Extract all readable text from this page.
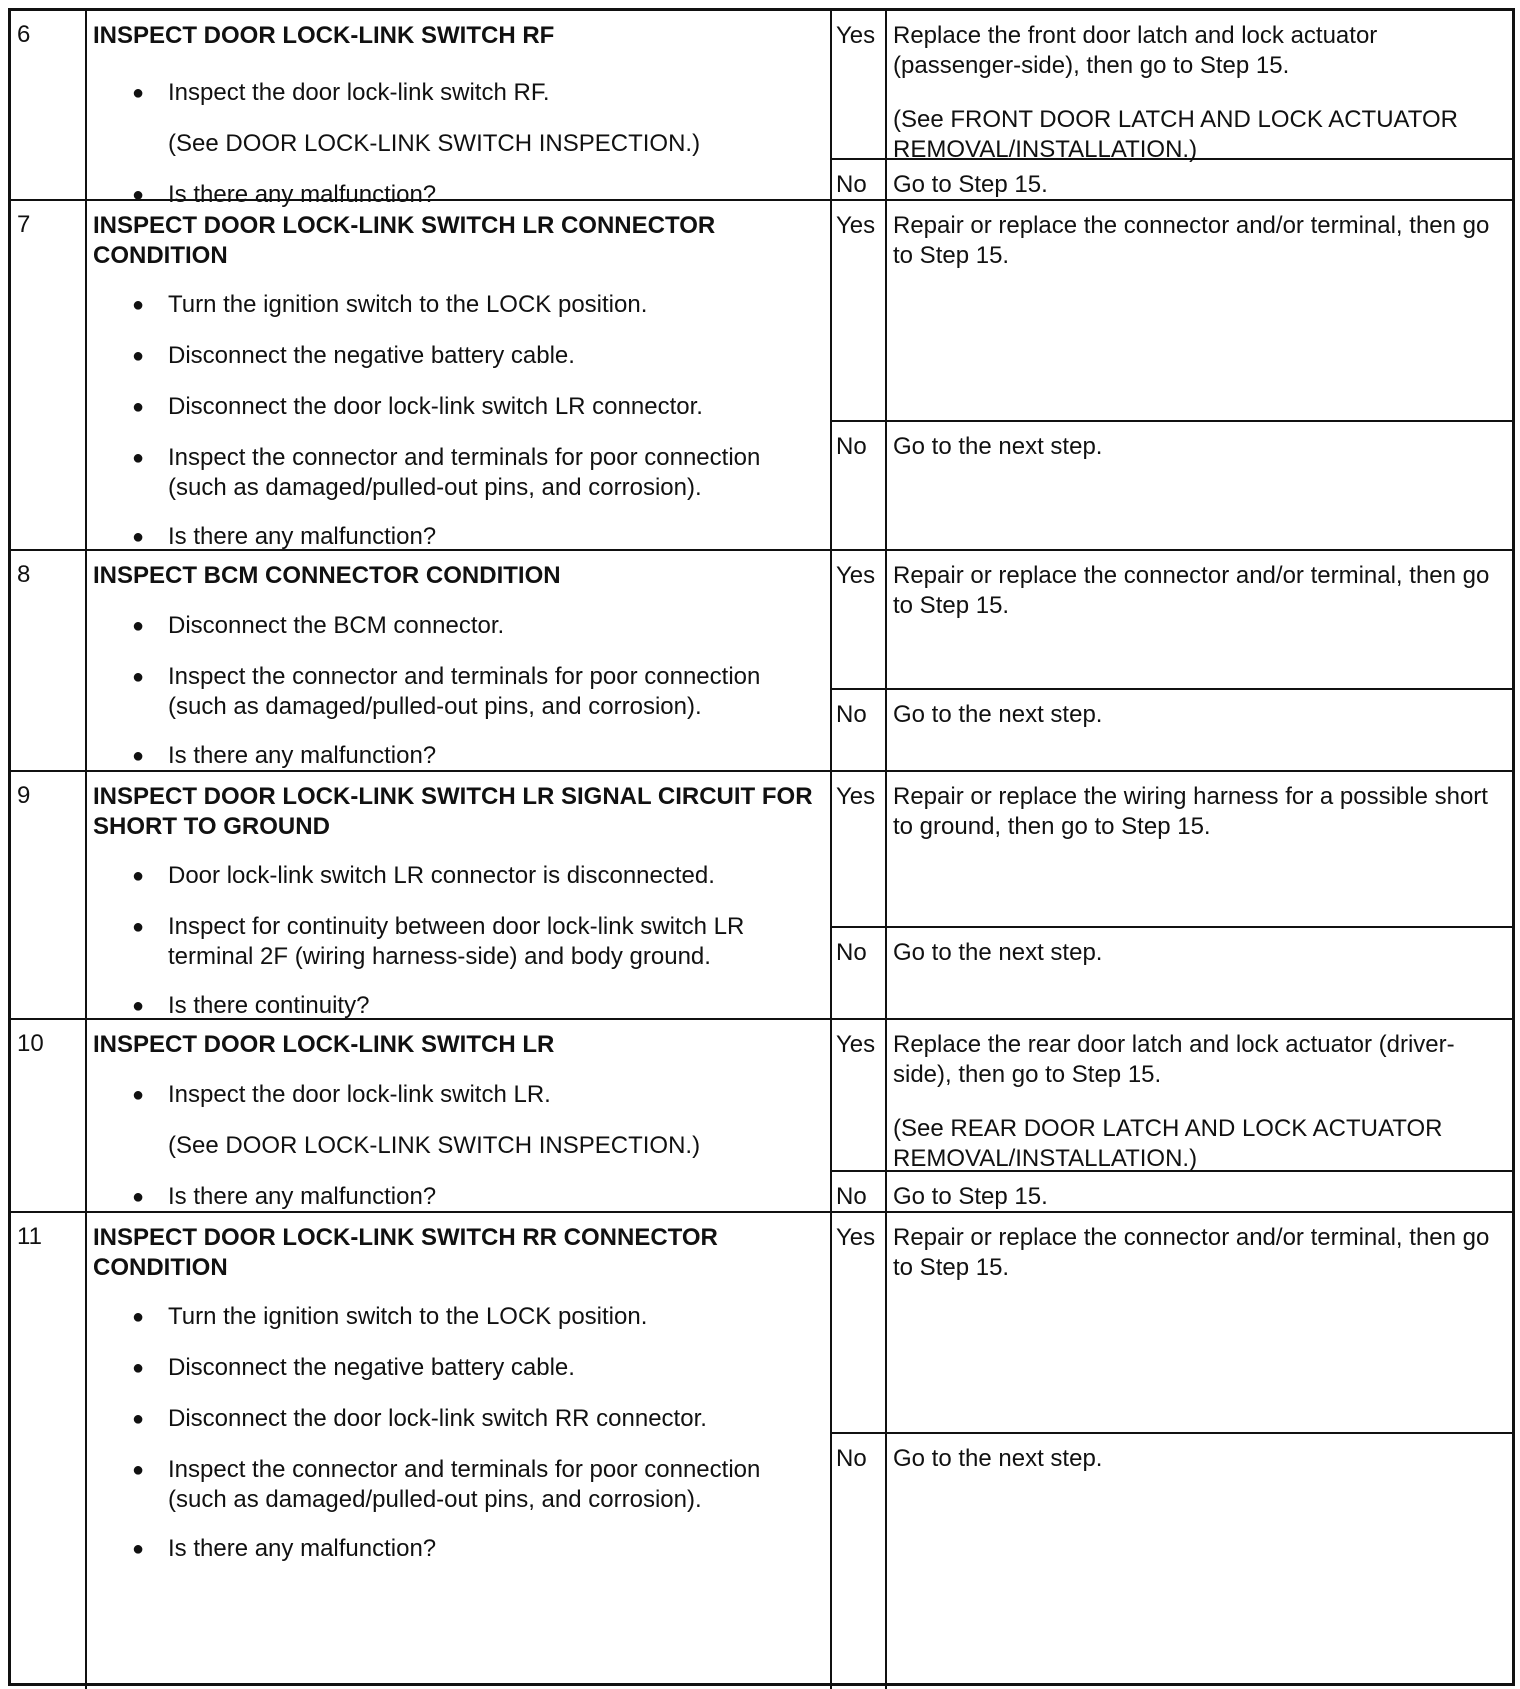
6	INSPECT DOOR LOCK-LINK SWITCH RF
● Inspect the door lock-link switch RF.
(See DOOR LOCK-LINK SWITCH INSPECTION.)
● Is there any malfunction?
Yes Replace the front door latch and lock actuator (passenger-side), then go to Step 15.

(See FRONT DOOR LATCH AND LOCK ACTUATOR REMOVAL/INSTALLATION.)

No	Go to Step 15.

7	INSPECT DOOR LOCK-LINK SWITCH LR CONNECTOR CONDITION
● Turn the ignition switch to the LOCK position.
● Disconnect the negative battery cable.
● Disconnect the door lock-link switch LR connector.
● Inspect the connector and terminals for poor connection (such as damaged/pulled-out pins, and corrosion).
● Is there any malfunction?
Yes Repair or replace the connector and/or terminal, then go to Step 15.

No	Go to the next step.

8	INSPECT BCM CONNECTOR CONDITION
● Disconnect the BCM connector.
● Inspect the connector and terminals for poor connection (such as damaged/pulled-out pins, and corrosion).
● Is there any malfunction?
Yes Repair or replace the connector and/or terminal, then go to Step 15.

No	Go to the next step.

9	INSPECT DOOR LOCK-LINK SWITCH LR SIGNAL CIRCUIT FOR SHORT TO GROUND
● Door lock-link switch LR connector is disconnected.
● Inspect for continuity between door lock-link switch LR terminal 2F (wiring harness-side) and body ground.
● Is there continuity?
Yes Repair or replace the wiring harness for a possible short to ground, then go to Step 15.

No	Go to the next step.

10	INSPECT DOOR LOCK-LINK SWITCH LR
● Inspect the door lock-link switch LR.
(See DOOR LOCK-LINK SWITCH INSPECTION.)
● Is there any malfunction?
Yes Replace the rear door latch and lock actuator (driver-side), then go to Step 15.

(See REAR DOOR LATCH AND LOCK ACTUATOR REMOVAL/INSTALLATION.)

No	Go to Step 15.

11	INSPECT DOOR LOCK-LINK SWITCH RR CONNECTOR CONDITION
● Turn the ignition switch to the LOCK position.
● Disconnect the negative battery cable.
● Disconnect the door lock-link switch RR connector.
● Inspect the connector and terminals for poor connection (such as damaged/pulled-out pins, and corrosion).
● Is there any malfunction?
Yes Repair or replace the connector and/or terminal, then go to Step 15.

No	Go to the next step.
